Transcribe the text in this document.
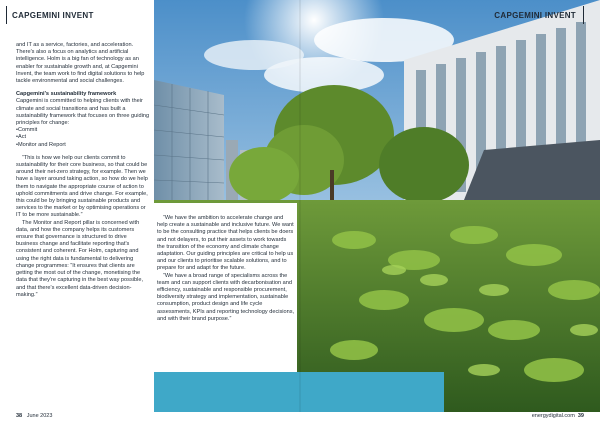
CAPGEMINI INVENT

and IT as a service, factories, and acceleration. There's also a focus on analytics and artificial intelligence. Holm is a big fan of technology as an enabler for sustainable growth and, at Capgemini Invent, the team work to find digital solutions to help tackle environmental and social challenges.

Capgemini's sustainability framework

Capgemini is committed to helping clients with their climate and social transitions and has built a sustainability framework that focuses on three guiding principles for change:

• Commit
• Act
• Monitor and Report

“This is how we help our clients commit to sustainability for their core business, so that could be around their net-zero strategy, for example. Then we have a layer around taking action, so how do we help them to navigate the appropriate course of action to uphold commitments and drive change. For example, this could be by bringing sustainable products and services to the market or by optimising operations or IT to be more sustainable.”

The Monitor and Report pillar is concerned with data, and how the company helps its customers ensure that governance is structured to drive business change and facilitate reporting that's consistent and coherent. For Holm, capturing and using the right data is fundamental to delivering change programmes: “It ensures that clients are getting the most out of the change, monetising the data that they're capturing in the best way possible, and that there's excellent data-driven decision-making.”

“We have the ambition to accelerate change and help create a sustainable and inclusive future. We want to be the consulting practice that helps clients be doers and not delayers, to put their assets to work towards the transition of the economy and climate change adaptation. Our guiding principles are critical to help us and our clients to prioritise scalable solutions, and to prepare for and adapt for the future.

“We have a broad range of specialisms across the team and can support clients with decarbonisation and efficiency, sustainable and responsible procurement, biodiversity strategy and implementation, sustainable consumption, product design and life cycle assessments, KPIs and reporting technology decisions, and with their brand purpose.”

CAPGEMINI INVENT
38 June 2023	energydigital.com 39
